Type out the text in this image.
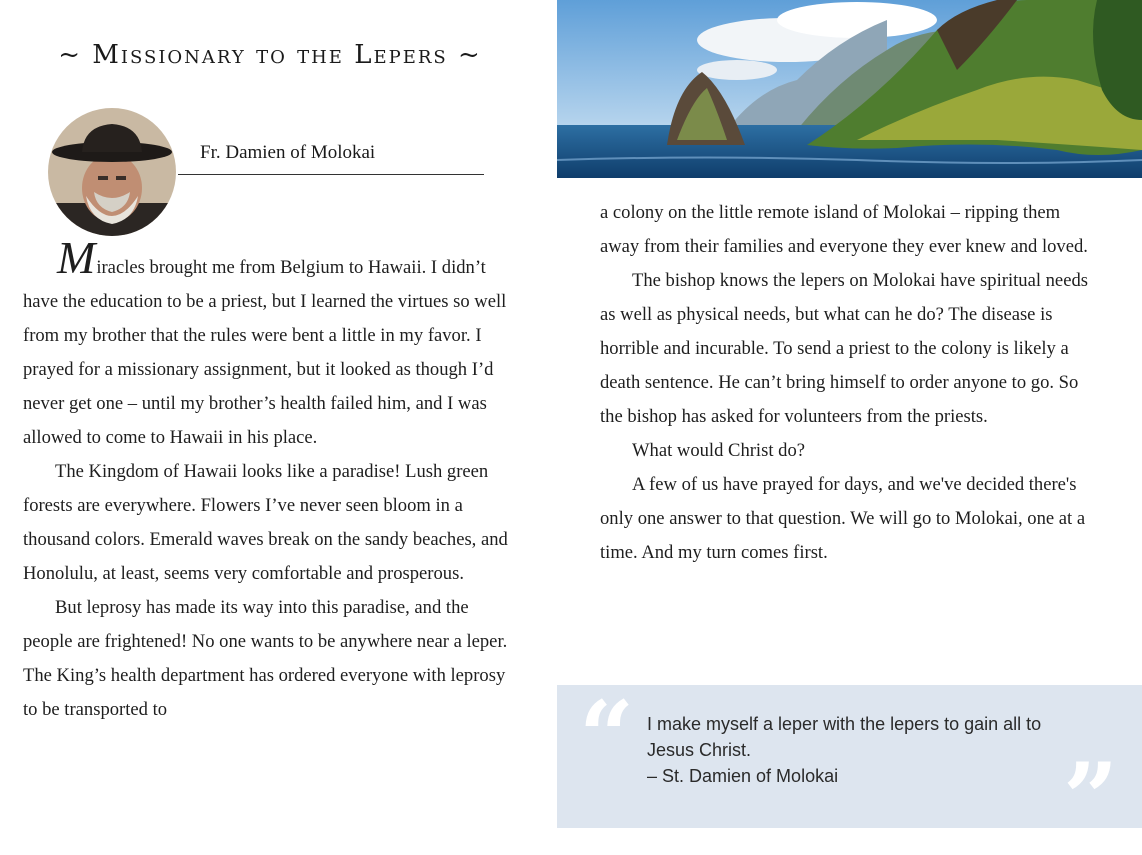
~ Missionary to the Lepers ~
Fr. Damien of Molokai

Miracles brought me from Belgium to Hawaii. I didn’t have the education to be a priest, but I learned the virtues so well from my brother that the rules were bent a little in my favor. I prayed for a missionary assignment, but it looked as though I’d never get one – until my brother’s health failed him, and I was allowed to come to Hawaii in his place.

The Kingdom of Hawaii looks like a paradise! Lush green forests are everywhere. Flowers I’ve never seen bloom in a thousand colors. Emerald waves break on the sandy beaches, and Honolulu, at least, seems very comfortable and prosperous.

But leprosy has made its way into this paradise, and the people are frightened! No one wants to be anywhere near a leper. The King’s health department has ordered everyone with leprosy to be transported to

a colony on the little remote island of Molokai – ripping them away from their families and everyone they ever knew and loved.

The bishop knows the lepers on Molokai have spiritual needs as well as physical needs, but what can he do? The disease is horrible and incurable. To send a priest to the colony is likely a death sentence. He can’t bring himself to order anyone to go. So the bishop has asked for volunteers from the priests.

What would Christ do?

A few of us have prayed for days, and we've decided there's only one answer to that question. We will go to Molokai, one at a time. And my turn comes first.

“ I make myself a leper with the lepers to gain all to Jesus Christ.
– St. Damien of Molokai	”
